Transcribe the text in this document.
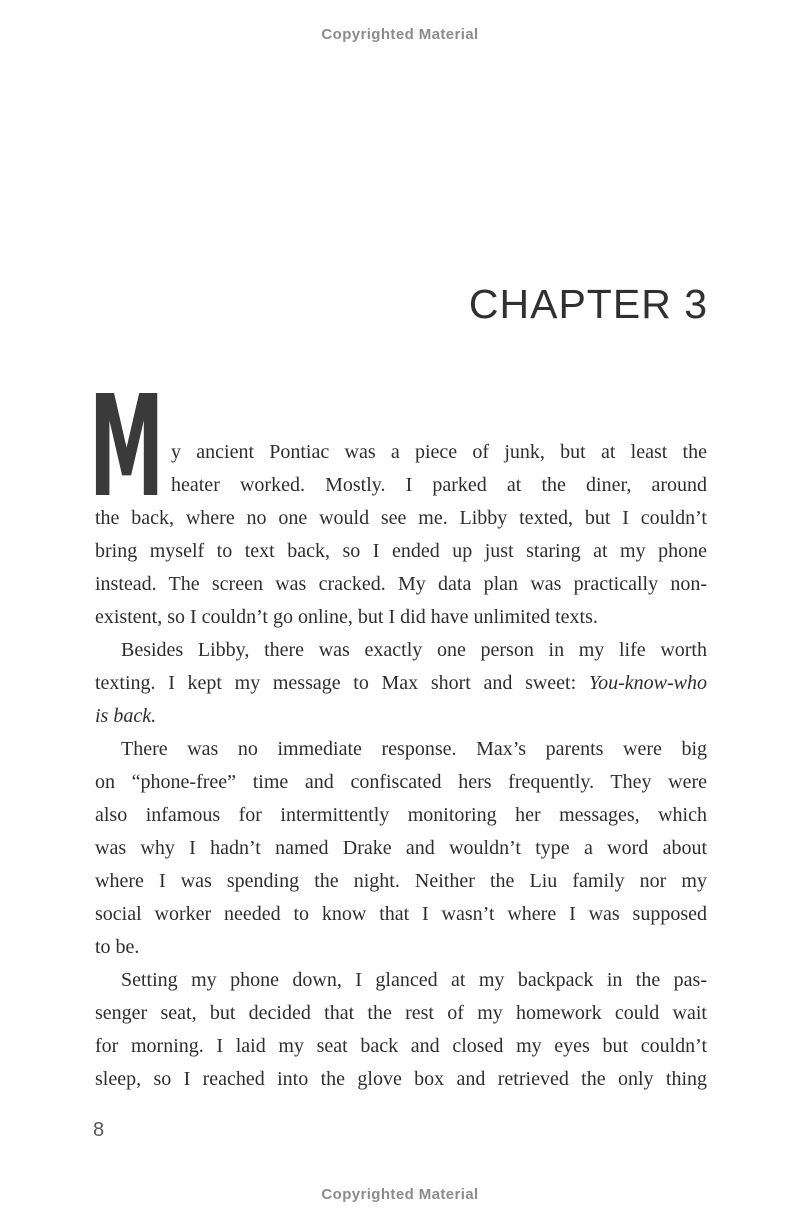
Copyrighted Material
CHAPTER 3
M y ancient Pontiac was a piece of junk, but at least the
heater worked. Mostly. I parked at the diner, around
the back, where no one would see me. Libby texted, but I couldn’t
bring myself to text back, so I ended up just staring at my phone
instead. The screen was cracked. My data plan was practically non-
existent, so I couldn’t go online, but I did have unlimited texts.
Besides Libby, there was exactly one person in my life worth
texting. I kept my message to Max short and sweet: You-know-who
is back.
There was no immediate response. Max’s parents were big
on “phone-free” time and confiscated hers frequently. They were
also infamous for intermittently monitoring her messages, which
was why I hadn’t named Drake and wouldn’t type a word about
where I was spending the night. Neither the Liu family nor my
social worker needed to know that I wasn’t where I was supposed
to be.
Setting my phone down, I glanced at my backpack in the pas-
senger seat, but decided that the rest of my homework could wait
for morning. I laid my seat back and closed my eyes but couldn’t
sleep, so I reached into the glove box and retrieved the only thing
8
Copyrighted Material
